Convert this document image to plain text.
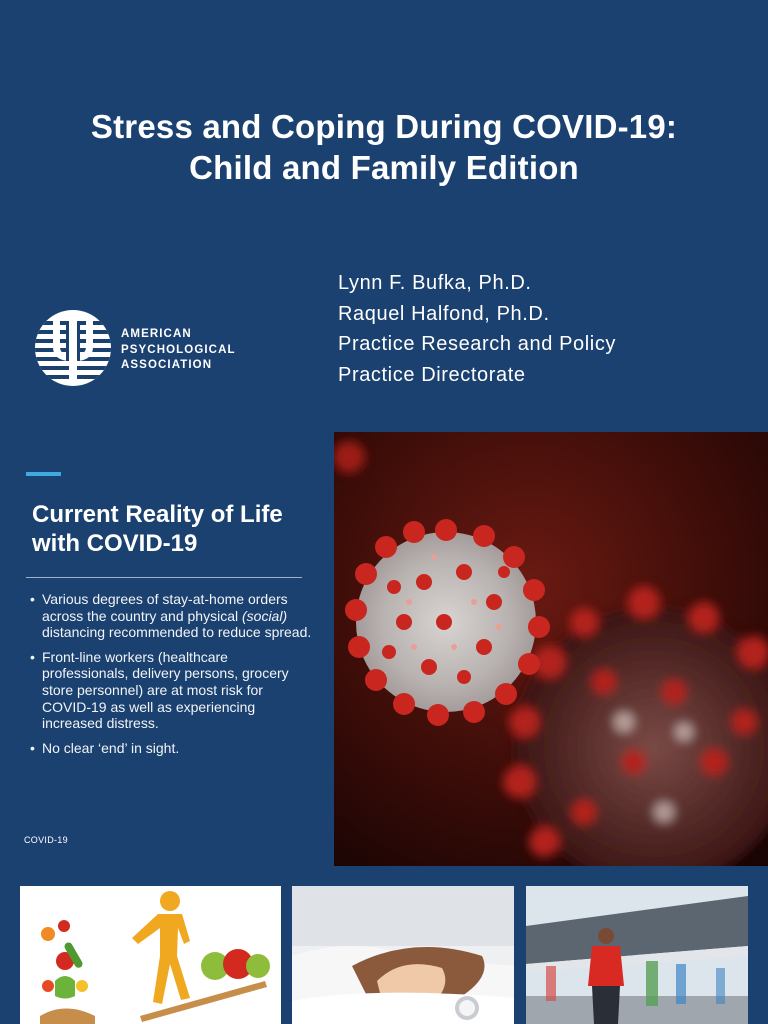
Stress and Coping During COVID-19:
Child and Family Edition
AMERICAN
PSYCHOLOGICAL
ASSOCIATION
Lynn F. Bufka, Ph.D.
Raquel Halfond, Ph.D.
Practice Research and Policy
Practice Directorate
Current Reality of Life
with COVID-19
• Various degrees of stay-at-home orders across the country and physical (social) distancing recommended to reduce spread.
• Front-line workers (healthcare professionals, delivery persons, grocery store personnel) are at most risk for COVID-19 as well as experiencing increased distress.
• No clear ‘end’ in sight.
COVID-19
